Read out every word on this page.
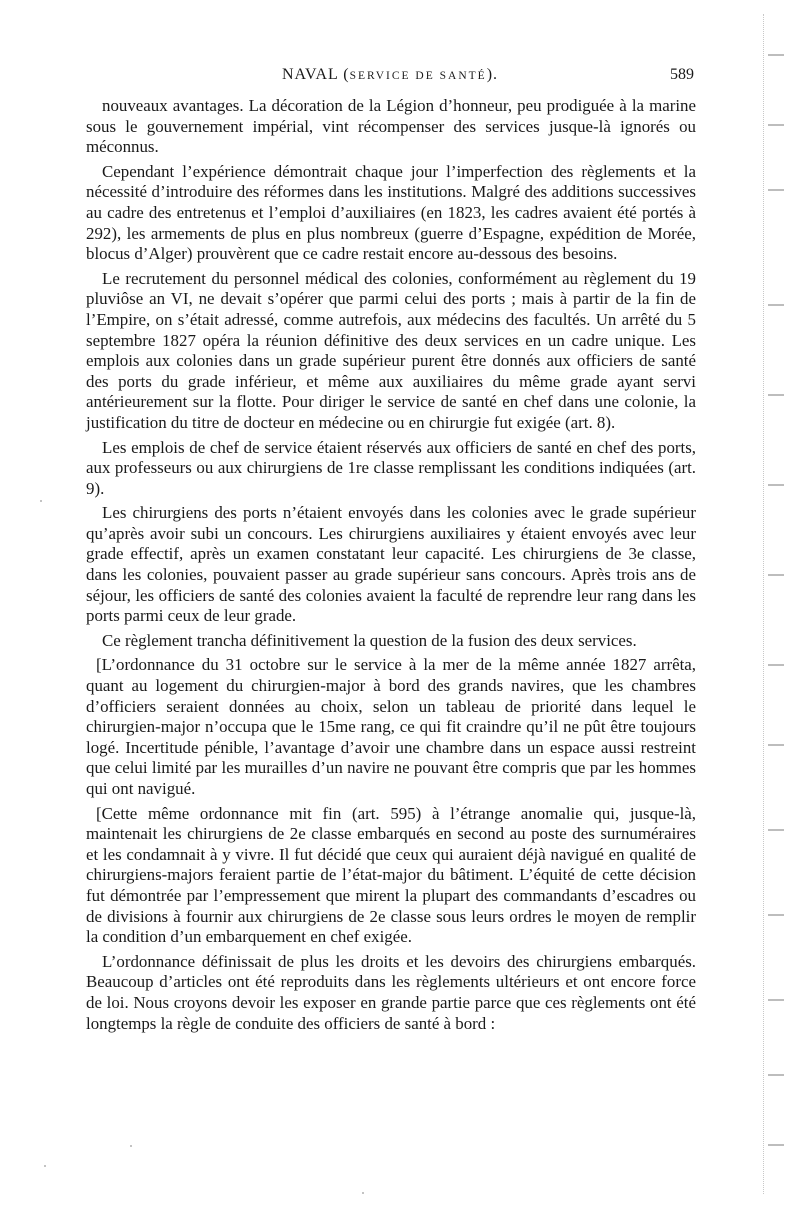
NAVAL (SERVICE DE SANTÉ).	589

nouveaux avantages. La décoration de la Légion d’honneur, peu prodiguée à la marine sous le gouvernement impérial, vint récompenser des services jusque-là ignorés ou méconnus.

Cependant l’expérience démontrait chaque jour l’imperfection des règlements et la nécessité d’introduire des réformes dans les institutions. Malgré des additions successives au cadre des entretenus et l’emploi d’auxiliaires (en 1823, les cadres avaient été portés à 292), les armements de plus en plus nombreux (guerre d’Espagne, expédition de Morée, blocus d’Alger) prouvèrent que ce cadre restait encore au-dessous des besoins.

Le recrutement du personnel médical des colonies, conformément au règlement du 19 pluviôse an VI, ne devait s’opérer que parmi celui des ports ; mais à partir de la fin de l’Empire, on s’était adressé, comme autrefois, aux médecins des facultés. Un arrêté du 5 septembre 1827 opéra la réunion définitive des deux services en un cadre unique. Les emplois aux colonies dans un grade supérieur purent être donnés aux officiers de santé des ports du grade inférieur, et même aux auxiliaires du même grade ayant servi antérieurement sur la flotte. Pour diriger le service de santé en chef dans une colonie, la justification du titre de docteur en médecine ou en chirurgie fut exigée (art. 8).

Les emplois de chef de service étaient réservés aux officiers de santé en chef des ports, aux professeurs ou aux chirurgiens de 1re classe remplissant les conditions indiquées (art. 9).

Les chirurgiens des ports n’étaient envoyés dans les colonies avec le grade supérieur qu’après avoir subi un concours. Les chirurgiens auxiliaires y étaient envoyés avec leur grade effectif, après un examen constatant leur capacité. Les chirurgiens de 3e classe, dans les colonies, pouvaient passer au grade supérieur sans concours. Après trois ans de séjour, les officiers de santé des colonies avaient la faculté de reprendre leur rang dans les ports parmi ceux de leur grade.

Ce règlement trancha définitivement la question de la fusion des deux services.

[L’ordonnance du 31 octobre sur le service à la mer de la même année 1827 arrêta, quant au logement du chirurgien-major à bord des grands navires, que les chambres d’officiers seraient données au choix, selon un tableau de priorité dans lequel le chirurgien-major n’occupa que le 15me rang, ce qui fit craindre qu’il ne pût être toujours logé. Incertitude pénible, l’avantage d’avoir une chambre dans un espace aussi restreint que celui limité par les murailles d’un navire ne pouvant être compris que par les hommes qui ont navigué.

[Cette même ordonnance mit fin (art. 595) à l’étrange anomalie qui, jusque-là, maintenait les chirurgiens de 2e classe embarqués en second au poste des surnuméraires et les condamnait à y vivre. Il fut décidé que ceux qui auraient déjà navigué en qualité de chirurgiens-majors feraient partie de l’état-major du bâtiment. L’équité de cette décision fut démontrée par l’empressement que mirent la plupart des commandants d’escadres ou de divisions à fournir aux chirurgiens de 2e classe sous leurs ordres le moyen de remplir la condition d’un embarquement en chef exigée.

L’ordonnance définissait de plus les droits et les devoirs des chirurgiens embarqués. Beaucoup d’articles ont été reproduits dans les règlements ultérieurs et ont encore force de loi. Nous croyons devoir les exposer en grande partie parce que ces règlements ont été longtemps la règle de conduite des officiers de santé à bord :
